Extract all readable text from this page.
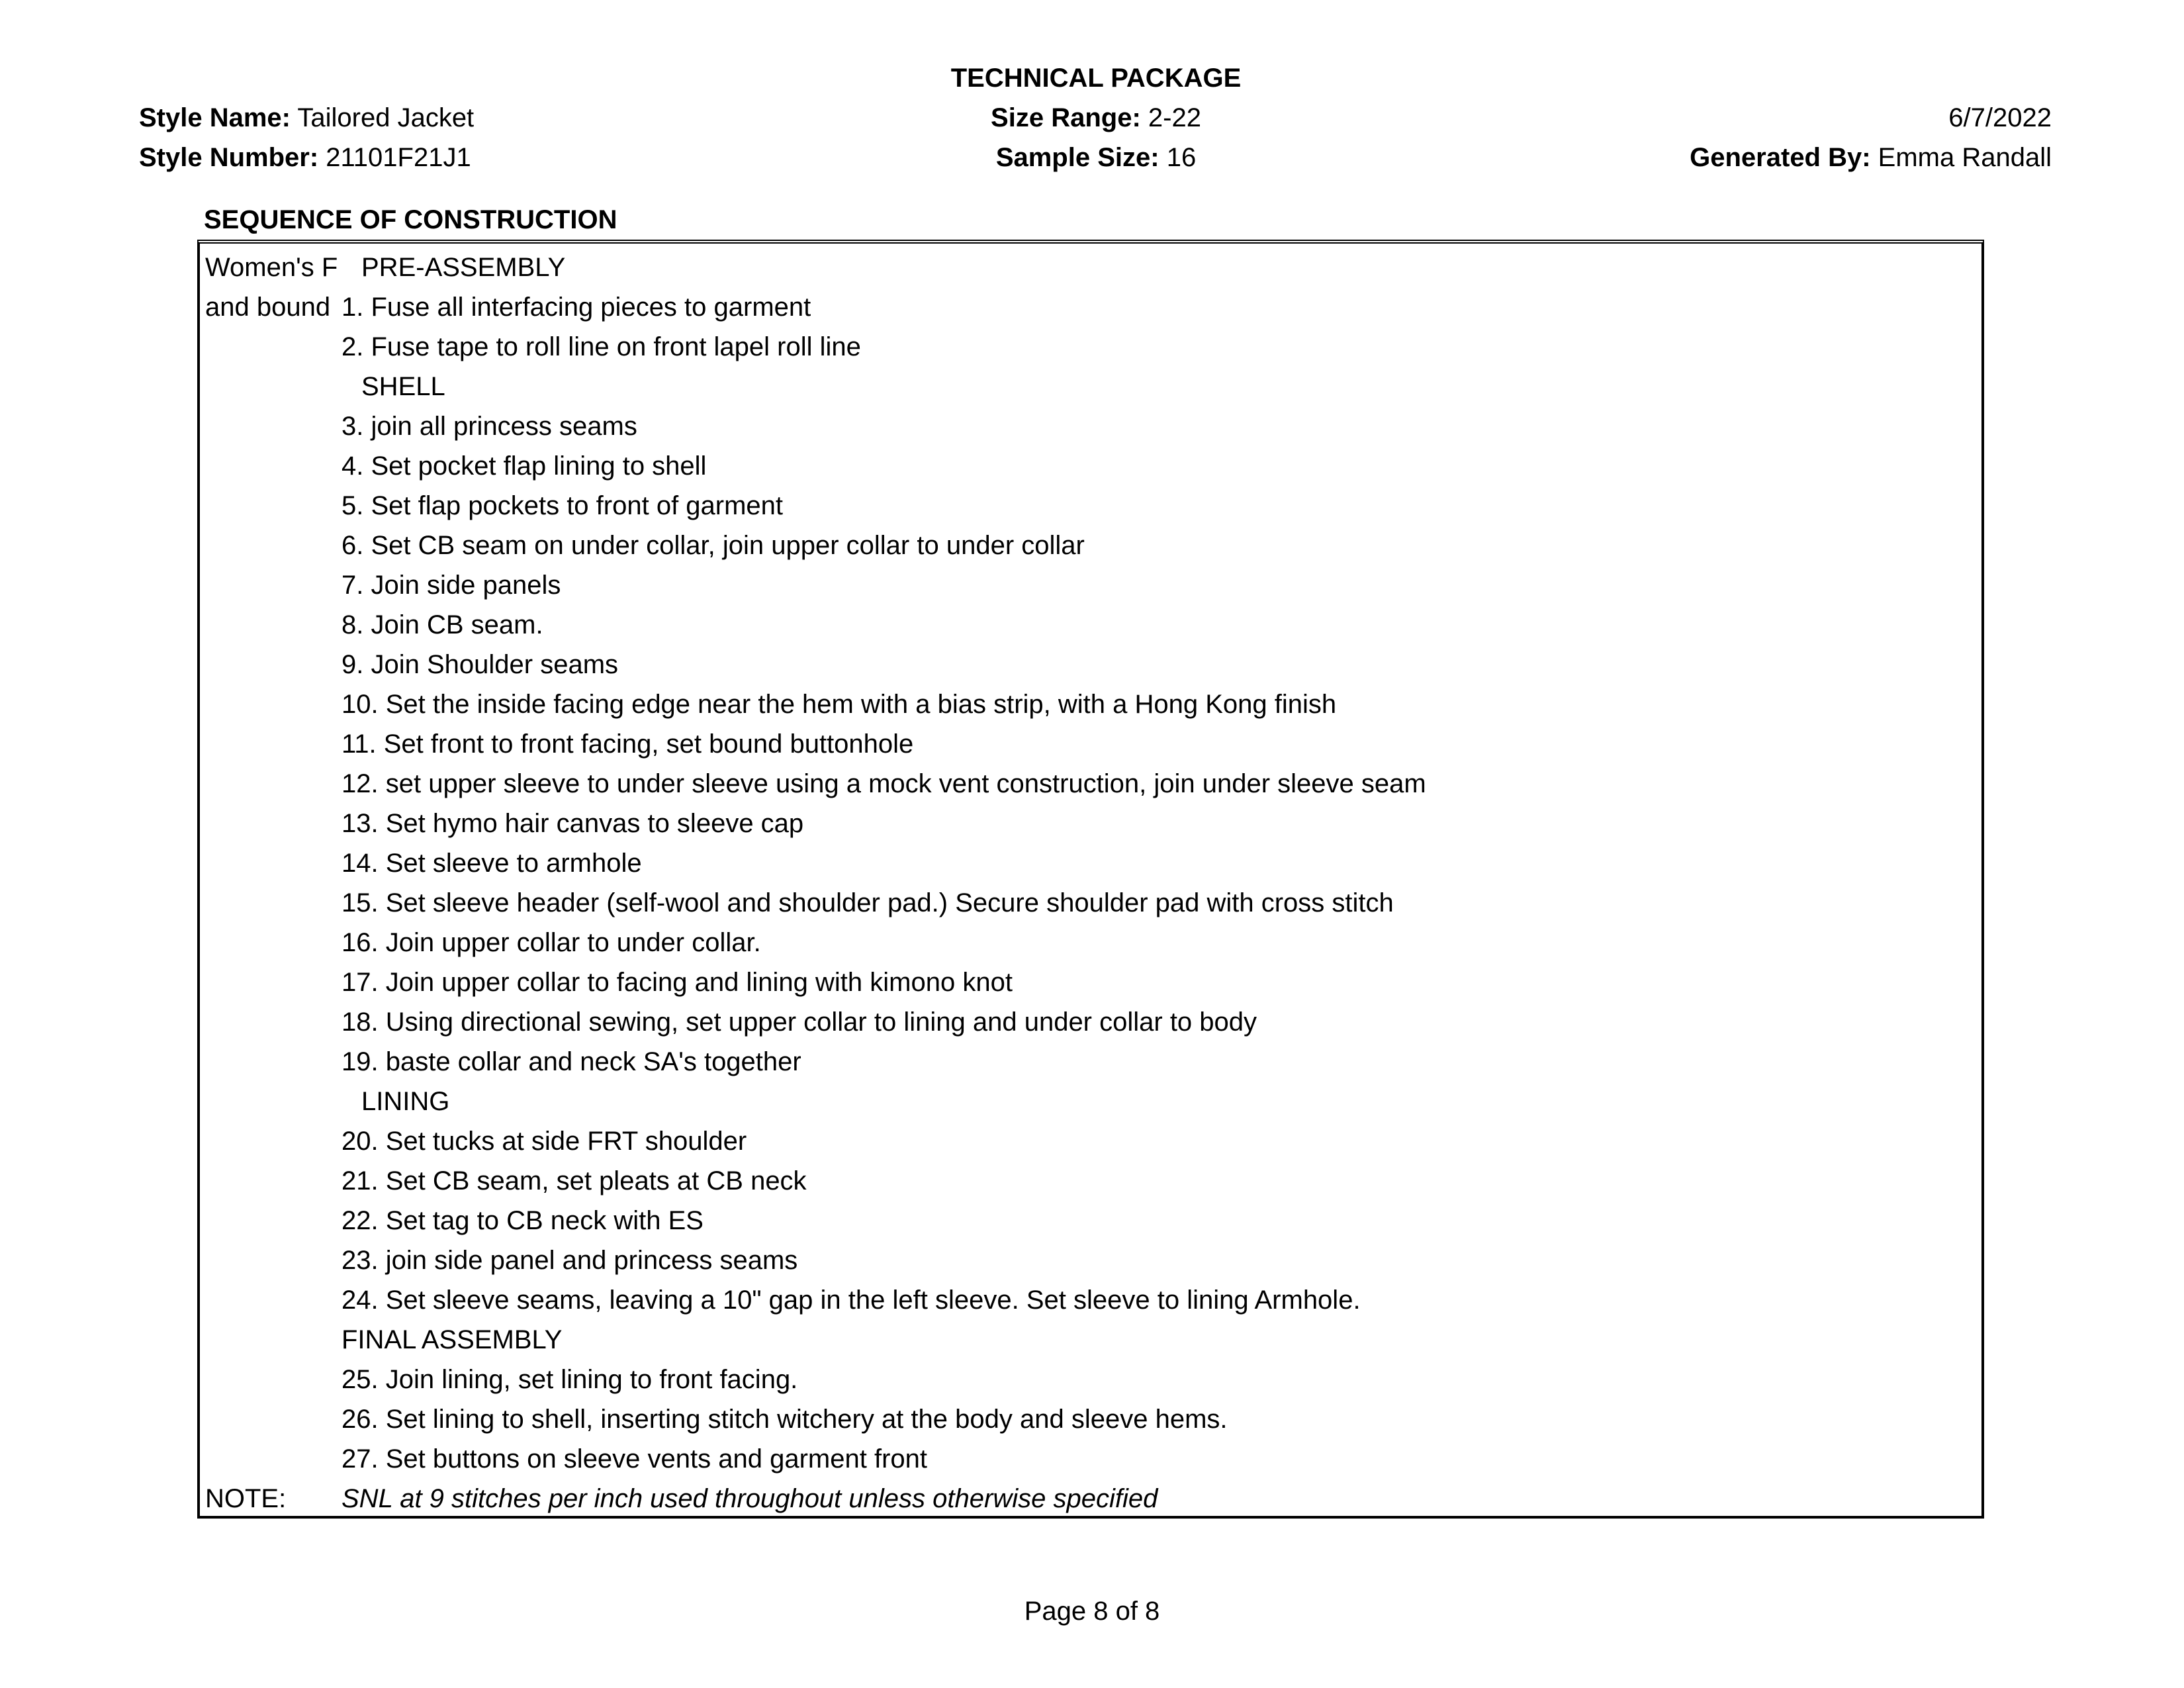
TECHNICAL PACKAGE
Style Name: Tailored Jacket
Style Number: 21101F21J1
Size Range: 2-22
Sample Size: 16
6/7/2022
Generated By: Emma Randall
SEQUENCE OF CONSTRUCTION
Women's F
and bound
PRE-ASSEMBLY
1. Fuse all interfacing pieces to garment
2. Fuse tape to roll line on front lapel roll line
SHELL
3. join all princess seams
4. Set pocket flap lining to shell
5. Set flap pockets to front of garment
6. Set CB seam on under collar, join upper collar to under collar
7. Join side panels
8. Join CB seam.
9. Join Shoulder seams
10. Set the inside facing edge near the hem with a bias strip, with a Hong Kong finish
11. Set front to front facing, set bound buttonhole
12. set upper sleeve to under sleeve using a mock vent construction, join under sleeve seam
13. Set hymo hair canvas to sleeve cap
14. Set sleeve to armhole
15. Set sleeve header (self-wool and shoulder pad.) Secure shoulder pad with cross stitch
16. Join upper collar to under collar.
17. Join upper collar to facing and lining with kimono knot
18. Using directional sewing, set upper collar to lining and under collar to body
19. baste collar and neck SA's together
LINING
20. Set tucks at side FRT shoulder
21. Set CB seam, set pleats at CB neck
22. Set tag to CB neck with ES
23. join side panel and princess seams
24. Set sleeve seams, leaving a 10" gap in the left sleeve. Set sleeve to lining Armhole.
FINAL ASSEMBLY
25. Join lining, set lining to front facing.
26. Set lining to shell, inserting stitch witchery at the body and sleeve hems.
27. Set buttons on sleeve vents and garment front
NOTE: SNL at 9 stitches per inch used throughout unless otherwise specified
Page 8 of 8
